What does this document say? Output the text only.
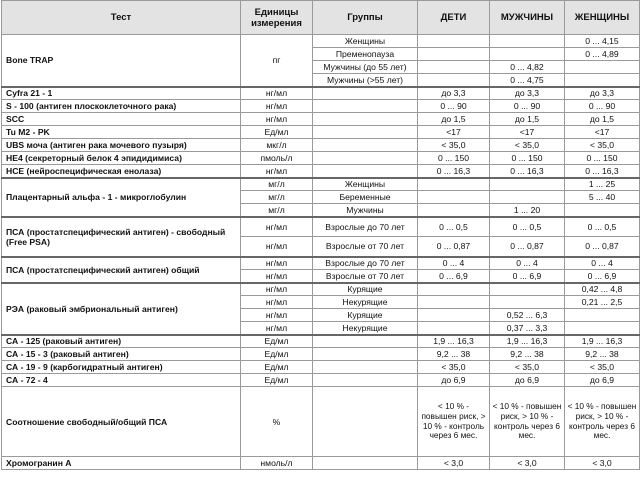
Тест	Единицы измерения	Группы	ДЕТИ	МУЖЧИНЫ	ЖЕНЩИНЫ
Bone TRAP	пг	Женщины			0 ... 4,15
		Пременопауза			0 ... 4,89
		Мужчины (до 55 лет)		0 ... 4,82	
		Мужчины (>55 лет)		0 ... 4,75	
Cyfra 21 - 1	нг/мл		до 3,3	до 3,3	до 3,3
S - 100 (антиген плоскоклеточного рака)	нг/мл		0 ... 90	0 ... 90	0 ... 90
SCC	нг/мл		до 1,5	до 1,5	до 1,5
Tu M2 - PK	Ед/мл		<17	<17	<17
UBS моча (антиген рака мочевого пузыря)	мкг/л		< 35,0	< 35,0	< 35,0
HE4 (секреторный белок 4 эпидидимиса)	пмоль/л		0 ... 150	0 ... 150	0 ... 150
HCE (нейроспецифическая енолаза)	нг/мл		0 ... 16,3	0 ... 16,3	0 ... 16,3
Плацентарный альфа - 1 - микроглобулин	мг/л	Женщины			1 ... 25
	мг/л	Беременные			5 ... 40
	мг/л	Мужчины		1 ... 20	
ПСА (простатспецифический антиген) - свободный (Free PSA)	нг/мл	Взрослые до 70 лет	0 ... 0,5	0 ... 0,5	0 ... 0,5
	нг/мл	Взрослые от 70 лет	0 ... 0,87	0 ... 0,87	0 ... 0,87
ПСА (простатспецифический антиген) общий	нг/мл	Взрослые до 70 лет	0 ... 4	0 ... 4	0 ... 4
	нг/мл	Взрослые от 70 лет	0 ... 6,9	0 ... 6,9	0 ... 6,9
РЭА (раковый эмбриональный антиген)	нг/мл	Курящие			0,42 ... 4,8
	нг/мл	Некурящие			0,21 ... 2,5
	нг/мл	Курящие		0,52 ... 6,3	
	нг/мл	Некурящие		0,37 ... 3,3	
СА - 125 (раковый антиген)	Ед/мл		1,9 ... 16,3	1,9 ... 16,3	1,9 ... 16,3
СА - 15 - 3 (раковый антиген)	Ед/мл		9,2 ... 38	9,2 ... 38	9,2 ... 38
СА - 19 - 9 (карбогидратный антиген)	Ед/мл		< 35,0	< 35,0	< 35,0
СА - 72 - 4	Ед/мл		до 6,9	до 6,9	до 6,9
Соотношение свободный/общий ПСА	%		< 10 % - повышен риск, > 10 % - контроль через 6 мес.	< 10 % - повышен риск, > 10 % - контроль через 6 мес.	< 10 % - повышен риск, > 10 % - контроль через 6 мес.
Хромогранин А	нмоль/л		< 3,0	< 3,0	< 3,0
